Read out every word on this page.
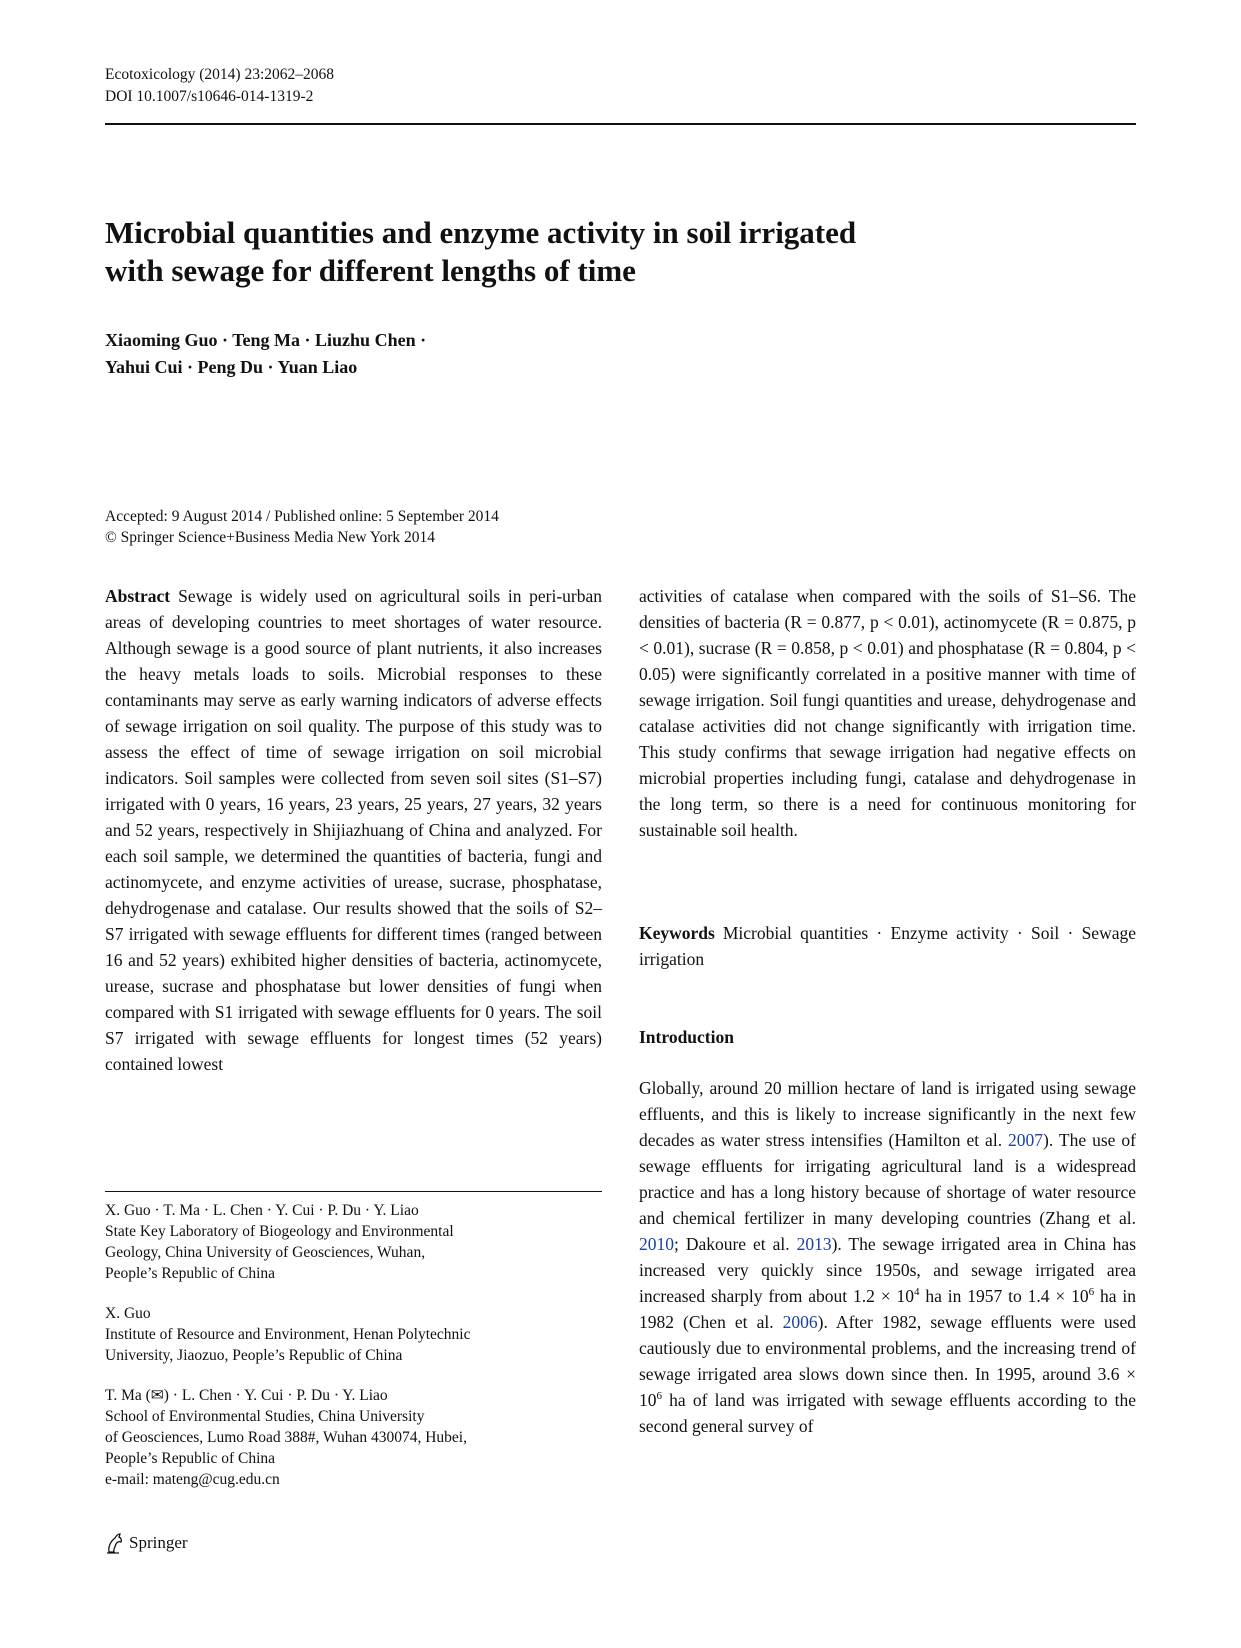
Ecotoxicology (2014) 23:2062–2068
DOI 10.1007/s10646-014-1319-2
Microbial quantities and enzyme activity in soil irrigated
with sewage for different lengths of time
Xiaoming Guo · Teng Ma · Liuzhu Chen ·
Yahui Cui · Peng Du · Yuan Liao
Accepted: 9 August 2014 / Published online: 5 September 2014
© Springer Science+Business Media New York 2014

Abstract Sewage is widely used on agricultural soils in peri-urban areas of developing countries to meet shortages of water resource. Although sewage is a good source of plant nutrients, it also increases the heavy metals loads to soils. Microbial responses to these contaminants may serve as early warning indicators of adverse effects of sewage irrigation on soil quality. The purpose of this study was to assess the effect of time of sewage irrigation on soil microbial indicators. Soil samples were collected from seven soil sites (S1–S7) irrigated with 0 years, 16 years, 23 years, 25 years, 27 years, 32 years and 52 years, respectively in Shijiazhuang of China and analyzed. For each soil sample, we determined the quantities of bacteria, fungi and actinomycete, and enzyme activities of urease, sucrase, phosphatase, dehydrogenase and catalase. Our results showed that the soils of S2–S7 irrigated with sewage effluents for different times (ranged between 16 and 52 years) exhibited higher densities of bacteria, actinomycete, urease, sucrase and phosphatase but lower densities of fungi when compared with S1 irrigated with sewage effluents for 0 years. The soil S7 irrigated with sewage effluents for longest times (52 years) contained lowest

X. Guo · T. Ma · L. Chen · Y. Cui · P. Du · Y. Liao
State Key Laboratory of Biogeology and Environmental
Geology, China University of Geosciences, Wuhan,
People’s Republic of China
X. Guo
Institute of Resource and Environment, Henan Polytechnic
University, Jiaozuo, People’s Republic of China
T. Ma (✉) · L. Chen · Y. Cui · P. Du · Y. Liao
School of Environmental Studies, China University
of Geosciences, Lumo Road 388#, Wuhan 430074, Hubei,
People’s Republic of China
e-mail: mateng@cug.edu.cn

activities of catalase when compared with the soils of S1–S6. The densities of bacteria (R = 0.877, p < 0.01), actinomycete (R = 0.875, p < 0.01), sucrase (R = 0.858, p < 0.01) and phosphatase (R = 0.804, p < 0.05) were significantly correlated in a positive manner with time of sewage irrigation. Soil fungi quantities and urease, dehydrogenase and catalase activities did not change significantly with irrigation time. This study confirms that sewage irrigation had negative effects on microbial properties including fungi, catalase and dehydrogenase in the long term, so there is a need for continuous monitoring for sustainable soil health.

Keywords Microbial quantities · Enzyme activity · Soil · Sewage irrigation

Introduction

Globally, around 20 million hectare of land is irrigated using sewage effluents, and this is likely to increase significantly in the next few decades as water stress intensifies (Hamilton et al. 2007). The use of sewage effluents for irrigating agricultural land is a widespread practice and has a long history because of shortage of water resource and chemical fertilizer in many developing countries (Zhang et al. 2010; Dakoure et al. 2013). The sewage irrigated area in China has increased very quickly since 1950s, and sewage irrigated area increased sharply from about $1.2 \times 10^4$ ha in 1957 to $1.4 \times 10^6$ ha in 1982 (Chen et al. 2006). After 1982, sewage effluents were used cautiously due to environmental problems, and the increasing trend of sewage irrigated area slows down since then. In 1995, around $3.6 \times 10^6$ ha of land was irrigated with sewage effluents according to the second general survey of

Springer
